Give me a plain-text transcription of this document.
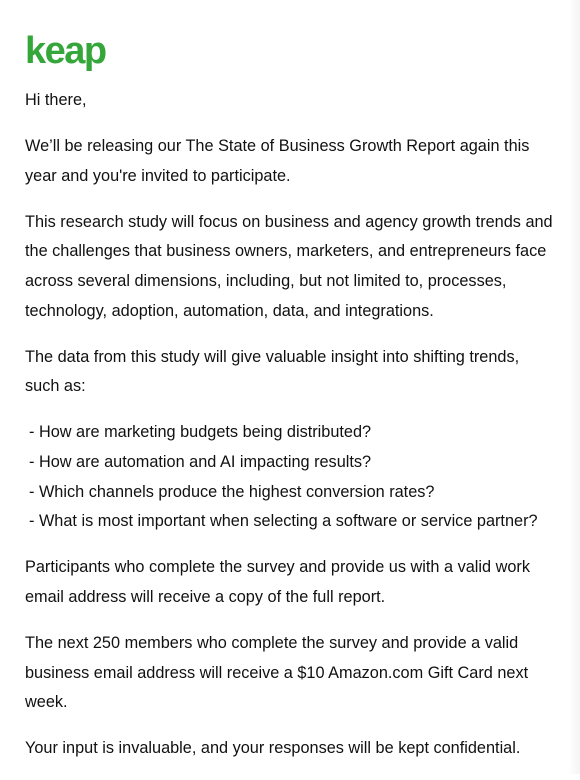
keap

Hi there,

We’ll be releasing our The State of Business Growth Report again this year and you're invited to participate.

This research study will focus on business and agency growth trends and the challenges that business owners, marketers, and entrepreneurs face across several dimensions, including, but not limited to, processes, technology, adoption, automation, data, and integrations.

The data from this study will give valuable insight into shifting trends, such as:

- How are marketing budgets being distributed?
- How are automation and AI impacting results?
- Which channels produce the highest conversion rates?
- What is most important when selecting a software or service partner?

Participants who complete the survey and provide us with a valid work email address will receive a copy of the full report.

The next 250 members who complete the survey and provide a valid business email address will receive a $10 Amazon.com Gift Card next week.

Your input is invaluable, and your responses will be kept confidential.
